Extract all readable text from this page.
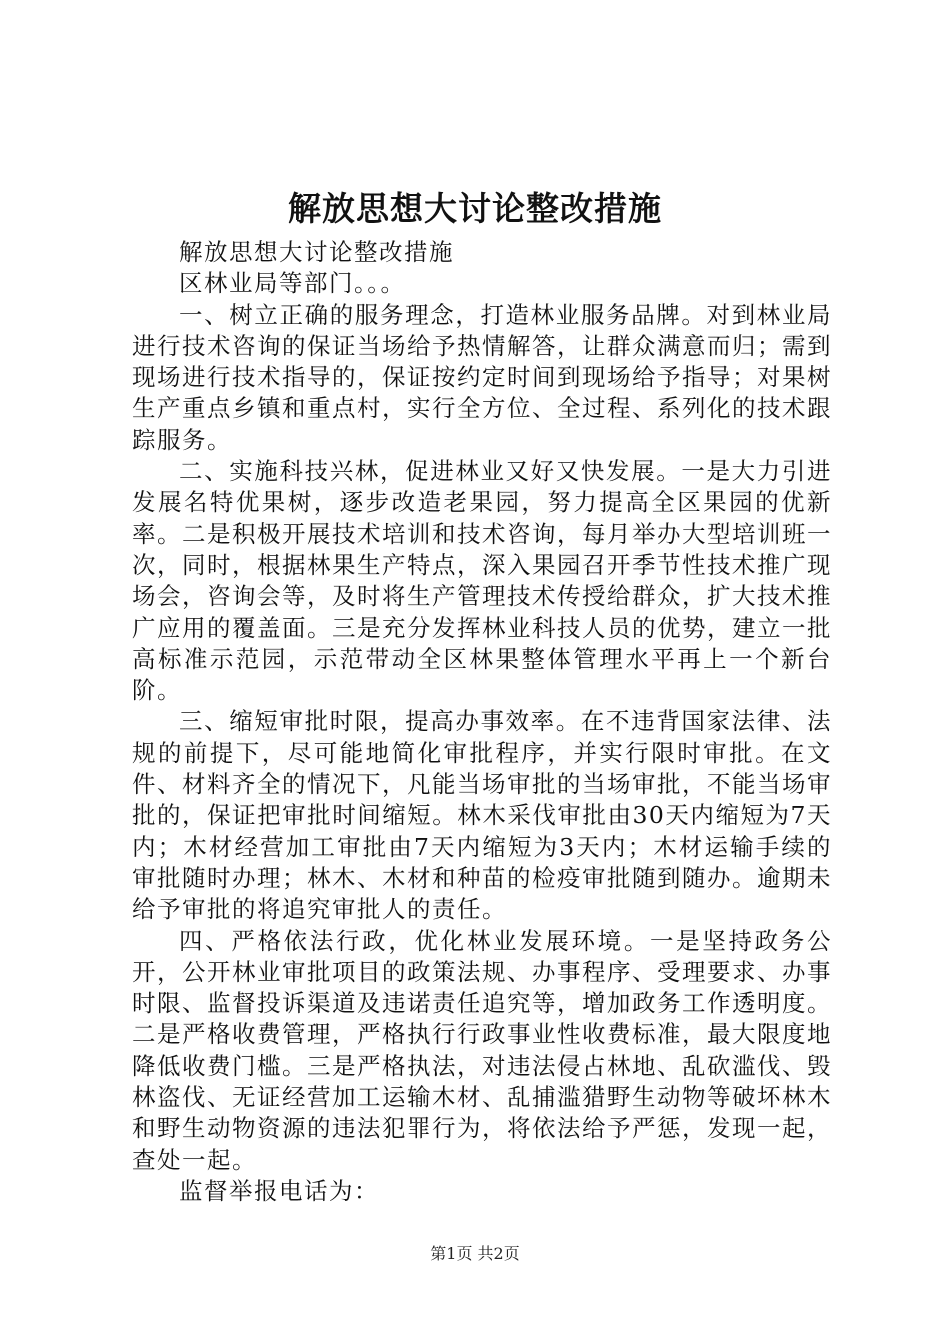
解放思想大讨论整改措施

解放思想大讨论整改措施

区林业局等部门。。。

一、树立正确的服务理念，打造林业服务品牌。对到林业局进行技术咨询的保证当场给予热情解答，让群众满意而归；需到现场进行技术指导的，保证按约定时间到现场给予指导；对果树生产重点乡镇和重点村，实行全方位、全过程、系列化的技术跟踪服务。

二、实施科技兴林，促进林业又好又快发展。一是大力引进发展名特优果树，逐步改造老果园，努力提高全区果园的优新率。二是积极开展技术培训和技术咨询，每月举办大型培训班一次，同时，根据林果生产特点，深入果园召开季节性技术推广现场会，咨询会等，及时将生产管理技术传授给群众，扩大技术推广应用的覆盖面。三是充分发挥林业科技人员的优势，建立一批高标准示范园，示范带动全区林果整体管理水平再上一个新台阶。

三、缩短审批时限，提高办事效率。在不违背国家法律、法规的前提下，尽可能地简化审批程序，并实行限时审批。在文件、材料齐全的情况下，凡能当场审批的当场审批，不能当场审批的，保证把审批时间缩短。林木采伐审批由30天内缩短为7天内；木材经营加工审批由7天内缩短为3天内；木材运输手续的审批随时办理；林木、木材和种苗的检疫审批随到随办。逾期未给予审批的将追究审批人的责任。

四、严格依法行政，优化林业发展环境。一是坚持政务公开，公开林业审批项目的政策法规、办事程序、受理要求、办事时限、监督投诉渠道及违诺责任追究等，增加政务工作透明度。二是严格收费管理，严格执行行政事业性收费标准，最大限度地降低收费门槛。三是严格执法，对违法侵占林地、乱砍滥伐、毁林盗伐、无证经营加工运输木材、乱捕滥猎野生动物等破坏林木和野生动物资源的违法犯罪行为，将依法给予严惩，发现一起，查处一起。

监督举报电话为：

第1页 共2页
